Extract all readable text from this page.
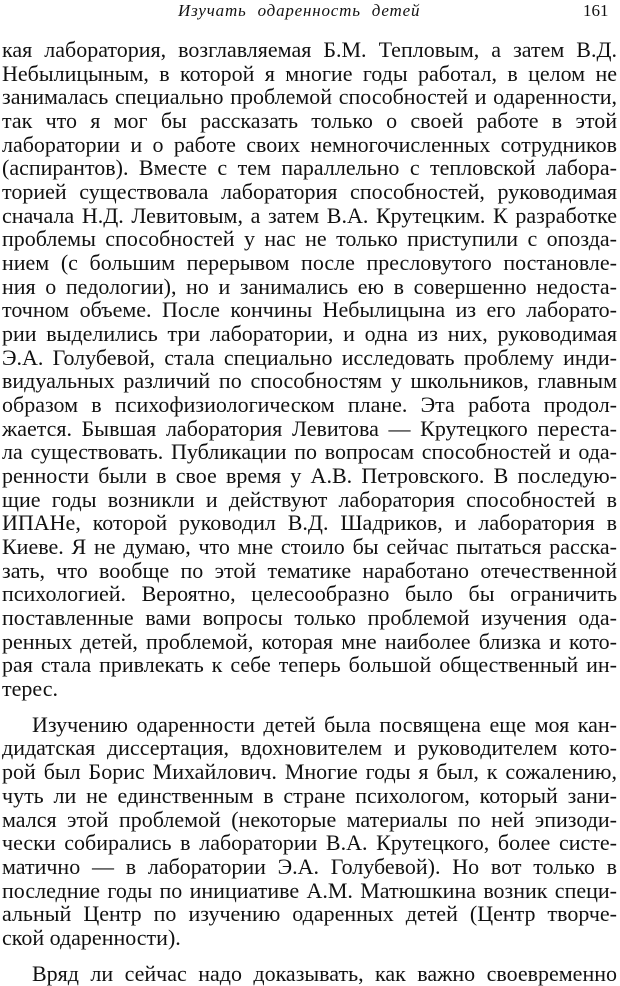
Изучать одаренность детей	161
кая лаборатория, возглавляемая Б.М. Тепловым, а затем В.Д.
Небылицыным, в которой я многие годы работал, в целом не
занималась специально проблемой способностей и одаренности,
так что я мог бы рассказать только о своей работе в этой
лаборатории и о работе своих немногочисленных сотрудников
(аспирантов). Вместе с тем параллельно с тепловской лабора-
торией существовала лаборатория способностей, руководимая
сначала Н.Д. Левитовым, а затем В.А. Крутецким. К разработке
проблемы способностей у нас не только приступили с опозда-
нием (с большим перерывом после пресловутого постановле-
ния о педологии), но и занимались ею в совершенно недоста-
точном объеме. После кончины Небылицына из его лаборато-
рии выделились три лаборатории, и одна из них, руководимая
Э.А. Голубевой, стала специально исследовать проблему инди-
видуальных различий по способностям у школьников, главным
образом в психофизиологическом плане. Эта работа продол-
жается. Бывшая лаборатория Левитова — Крутецкого переста-
ла существовать. Публикации по вопросам способностей и ода-
ренности были в свое время у А.В. Петровского. В последую-
щие годы возникли и действуют лаборатория способностей в
ИПАНе, которой руководил В.Д. Шадриков, и лаборатория в
Киеве. Я не думаю, что мне стоило бы сейчас пытаться расска-
зать, что вообще по этой тематике наработано отечественной
психологией. Вероятно, целесообразно было бы ограничить
поставленные вами вопросы только проблемой изучения ода-
ренных детей, проблемой, которая мне наиболее близка и кото-
рая стала привлекать к себе теперь большой общественный ин-
терес.
Изучению одаренности детей была посвящена еще моя кан-
дидатская диссертация, вдохновителем и руководителем кото-
рой был Борис Михайлович. Многие годы я был, к сожалению,
чуть ли не единственным в стране психологом, который зани-
мался этой проблемой (некоторые материалы по ней эпизоди-
чески собирались в лаборатории В.А. Крутецкого, более систе-
матично — в лаборатории Э.А. Голубевой). Но вот только в
последние годы по инициативе А.М. Матюшкина возник специ-
альный Центр по изучению одаренных детей (Центр творче-
ской одаренности).
Вряд ли сейчас надо доказывать, как важно своевременно
